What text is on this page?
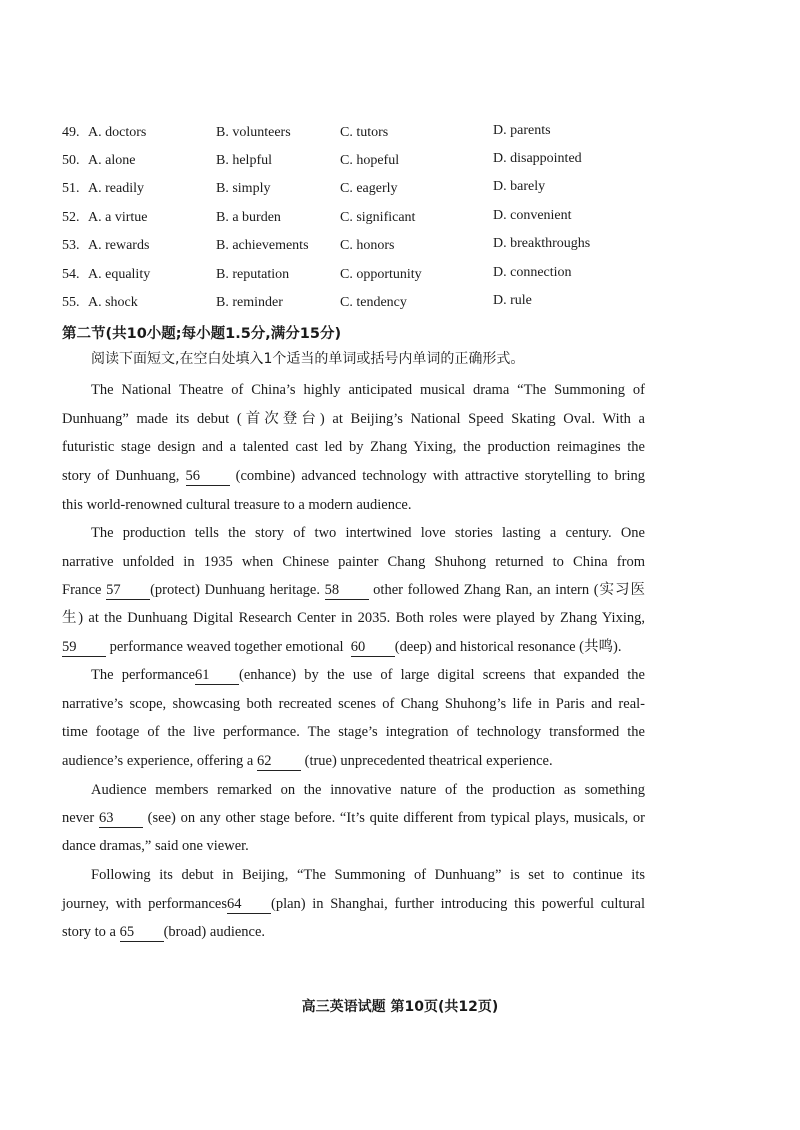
49. A. doctors	B. volunteers	C. tutors	D. parents
50. A. alone	B. helpful	C. hopeful	D. disappointed
51. A. readily	B. simply	C. eagerly	D. barely
52. A. a virtue	B. a burden	C. significant	D. convenient
53. A. rewards	B. achievements C. honors	D. breakthroughs
54. A. equality	B. reputation	C. opportunity	D. connection
55. A. shock	B. reminder	C. tendency	D. rule
第二节(共10小题;每小题1.5分,满分15分)
阅读下面短文,在空白处填入1个适当的单词或括号内单词的正确形式。
The National Theatre of China’s highly anticipated musical drama “The Summoning of
Dunhuang” made its debut (首次登台) at Beijing’s National Speed Skating Oval. With a
futuristic stage design and a talented cast led by Zhang Yixing, the production reimagines the
story of Dunhuang, 56 (combine) advanced technology with attractive storytelling to bring
this world-renowned cultural treasure to a modern audience.
The production tells the story of two intertwined love stories lasting a century. One
narrative unfolded in 1935 when Chinese painter Chang Shuhong returned to China from
France 57 (protect) Dunhuang heritage. 58 other followed Zhang Ran, an intern (实习医
生) at the Dunhuang Digital Research Center in 2035. Both roles were played by Zhang Yixing,
59 performance weaved together emotional  60 (deep) and historical resonance (共鸣).
The performance61 (enhance) by the use of large digital screens that expanded the
narrative’s scope, showcasing both recreated scenes of Chang Shuhong’s life in Paris and real-
time footage of the live performance. The stage’s integration of technology transformed the
audience’s experience, offering a 62 (true) unprecedented theatrical experience.
Audience members remarked on the innovative nature of the production as something
never 63 (see) on any other stage before. “It’s quite different from typical plays, musicals, or
dance dramas,” said one viewer.
Following its debut in Beijing, “The Summoning of Dunhuang” is set to continue its
journey, with performances64 (plan) in Shanghai, further introducing this powerful cultural
story to a 65 (broad) audience.
高三英语试题 第10页(共12页)
